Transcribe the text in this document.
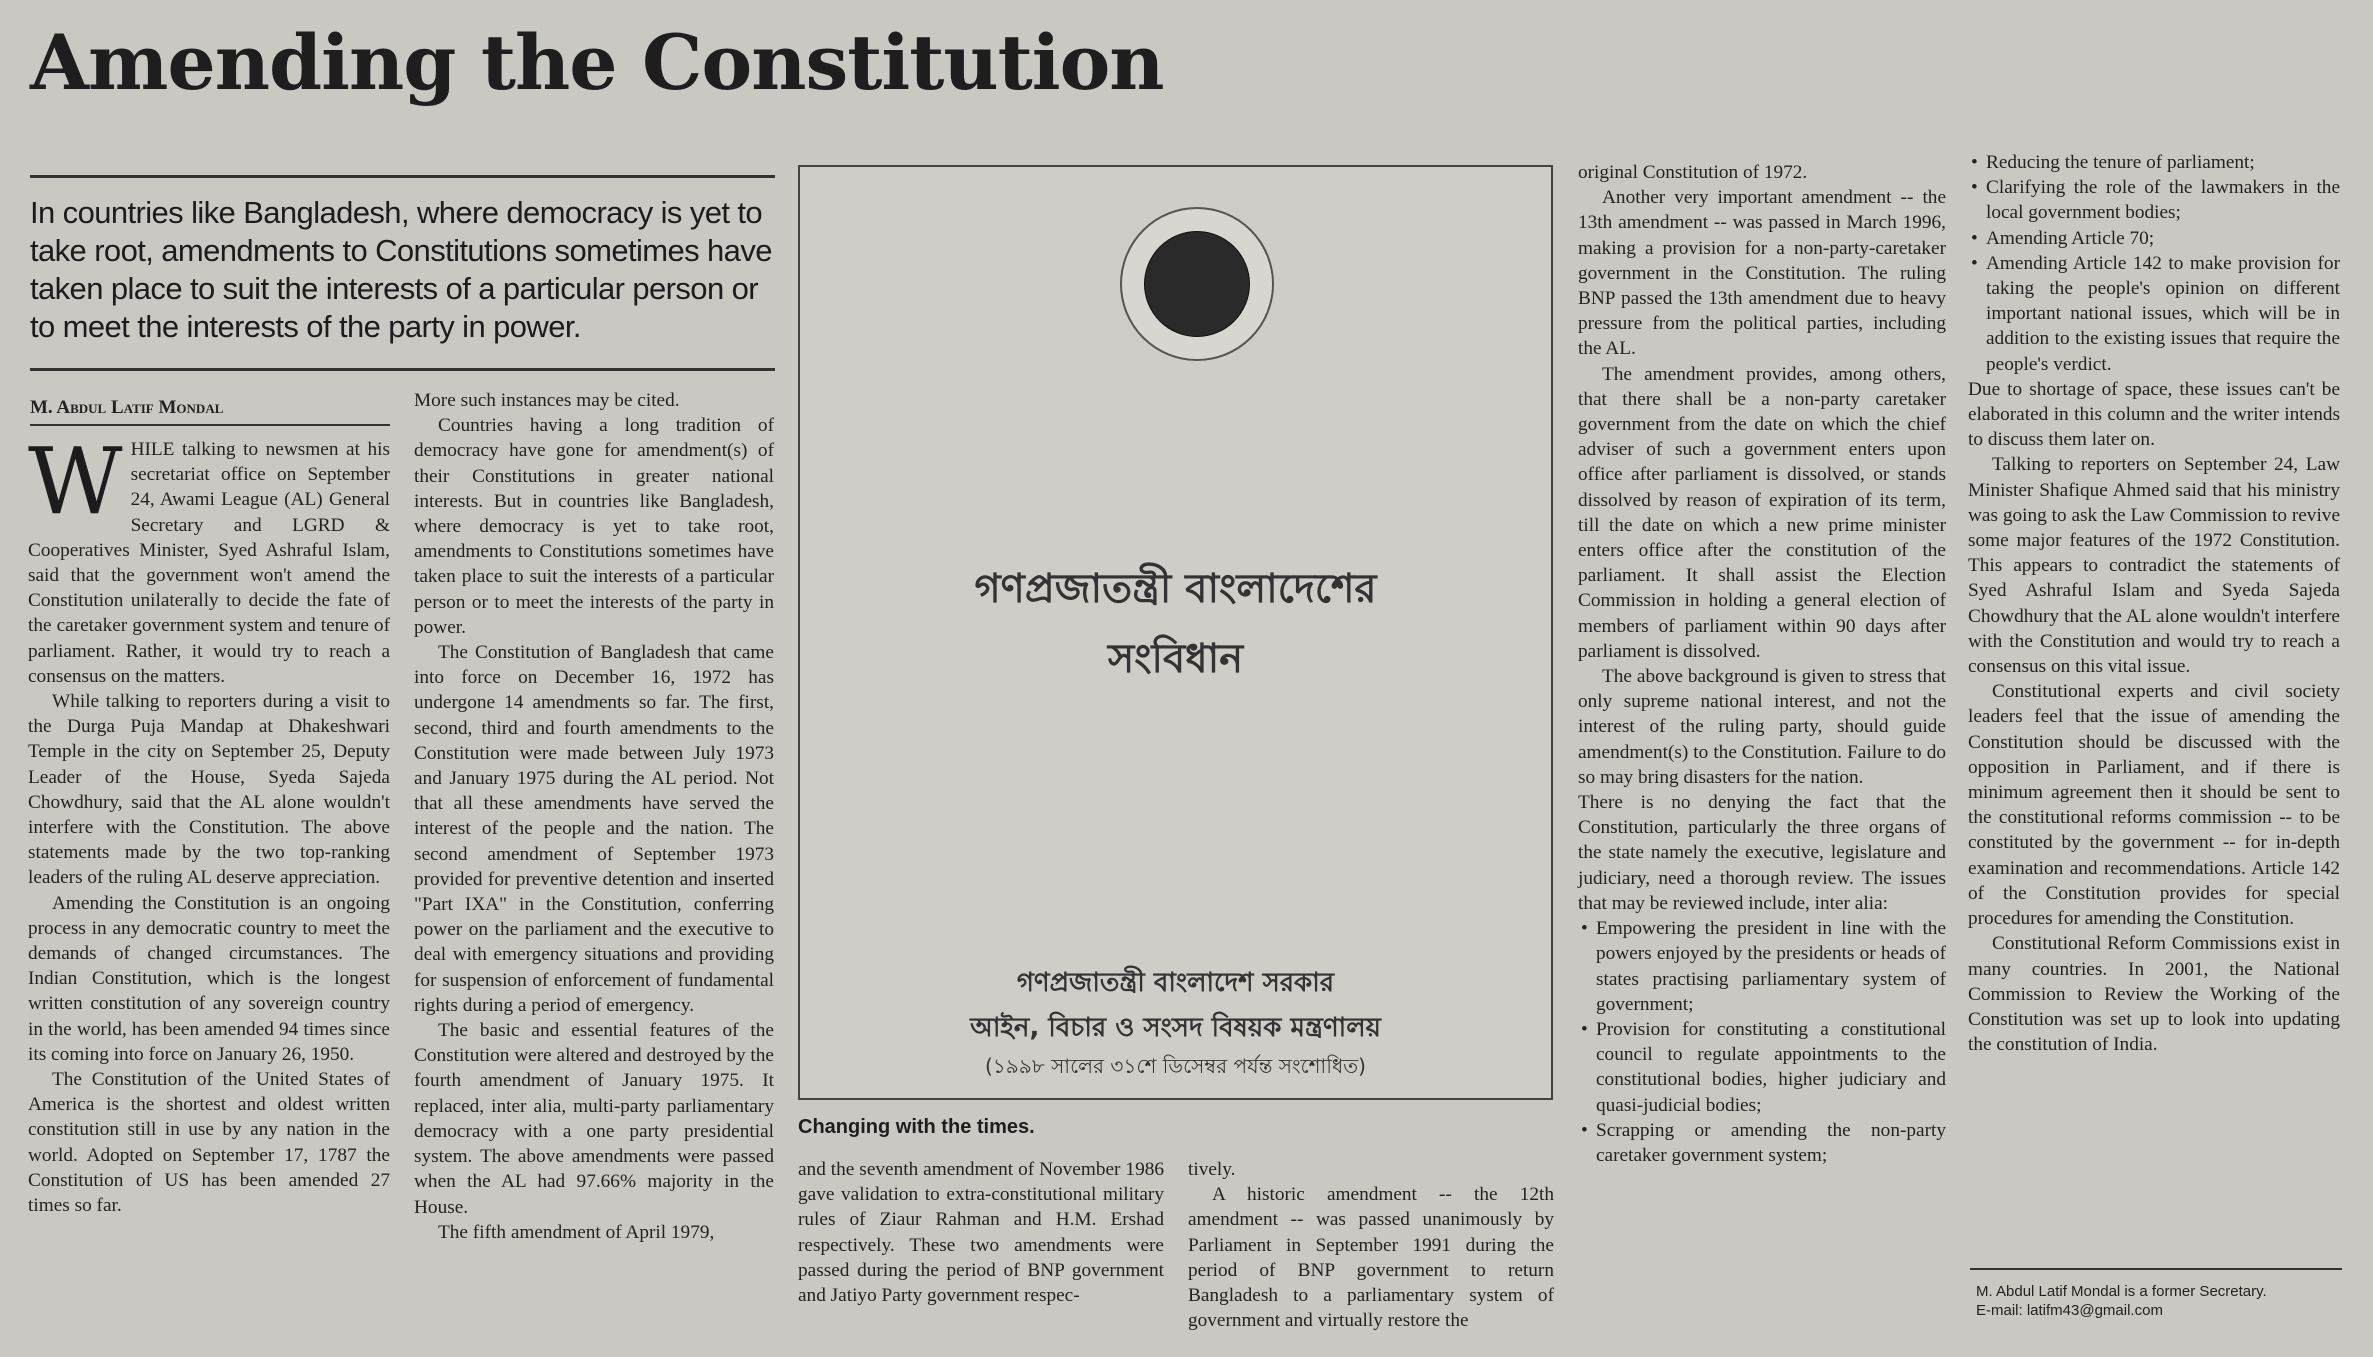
Amending the Constitution

In countries like Bangladesh, where democracy is yet to take root, amendments to Constitutions sometimes have taken place to suit the interests of a particular person or to meet the interests of the party in power.

M. Abdul Latif Mondal

WHILE talking to newsmen at his secretariat office on September 24, Awami League (AL) General Secretary and LGRD & Cooperatives Minister, Syed Ashraful Islam, said that the government won't amend the Constitution unilaterally to decide the fate of the caretaker government system and tenure of parliament. Rather, it would try to reach a consensus on the matters.

While talking to reporters during a visit to the Durga Puja Mandap at Dhakeshwari Temple in the city on September 25, Deputy Leader of the House, Syeda Sajeda Chowdhury, said that the AL alone wouldn't interfere with the Constitution. The above statements made by the two top-ranking leaders of the ruling AL deserve appreciation.

Amending the Constitution is an ongoing process in any democratic country to meet the demands of changed circumstances. The Indian Constitution, which is the longest written constitution of any sovereign country in the world, has been amended 94 times since its coming into force on January 26, 1950.

The Constitution of the United States of America is the shortest and oldest written constitution still in use by any nation in the world. Adopted on September 17, 1787 the Constitution of US has been amended 27 times so far.

More such instances may be cited.

Countries having a long tradition of democracy have gone for amendment(s) of their Constitutions in greater national interests. But in countries like Bangladesh, where democracy is yet to take root, amendments to Constitutions sometimes have taken place to suit the interests of a particular person or to meet the interests of the party in power.

The Constitution of Bangladesh that came into force on December 16, 1972 has undergone 14 amendments so far. The first, second, third and fourth amendments to the Constitution were made between July 1973 and January 1975 during the AL period. Not that all these amendments have served the interest of the people and the nation. The second amendment of September 1973 provided for preventive detention and inserted "Part IXA" in the Constitution, conferring power on the parliament and the executive to deal with emergency situations and providing for suspension of enforcement of fundamental rights during a period of emergency.

The basic and essential features of the Constitution were altered and destroyed by the fourth amendment of January 1975. It replaced, inter alia, multi-party parliamentary democracy with a one party presidential system. The above amendments were passed when the AL had 97.66% majority in the House.

The fifth amendment of April 1979,

গণপ্রজাতন্ত্রী বাংলাদেশের
সংবিধান
গণপ্রজাতন্ত্রী বাংলাদেশ সরকার
আইন, বিচার ও সংসদ বিষয়ক মন্ত্রণালয়
(১৯৯৮ সালের ৩১শে ডিসেম্বর পর্যন্ত সংশোধিত)

Changing with the times.

and the seventh amendment of November 1986 gave validation to extra-constitutional military rules of Ziaur Rahman and H.M. Ershad respectively. These two amendments were passed during the period of BNP government and Jatiyo Party government respec-

tively.

A historic amendment -- the 12th amendment -- was passed unanimously by Parliament in September 1991 during the period of BNP government to return Bangladesh to a parliamentary system of government and virtually restore the

original Constitution of 1972.

Another very important amendment -- the 13th amendment -- was passed in March 1996, making a provision for a non-party-caretaker government in the Constitution. The ruling BNP passed the 13th amendment due to heavy pressure from the political parties, including the AL.

The amendment provides, among others, that there shall be a non-party caretaker government from the date on which the chief adviser of such a government enters upon office after parliament is dissolved, or stands dissolved by reason of expiration of its term, till the date on which a new prime minister enters office after the constitution of the parliament. It shall assist the Election Commission in holding a general election of members of parliament within 90 days after parliament is dissolved.

The above background is given to stress that only supreme national interest, and not the interest of the ruling party, should guide amendment(s) to the Constitution. Failure to do so may bring disasters for the nation.

There is no denying the fact that the Constitution, particularly the three organs of the state namely the executive, legislature and judiciary, need a thorough review. The issues that may be reviewed include, inter alia:

• Empowering the president in line with the powers enjoyed by the presidents or heads of states practising parliamentary system of government;
• Provision for constituting a constitutional council to regulate appointments to the constitutional bodies, higher judiciary and quasi-judicial bodies;
• Scrapping or amending the non-party caretaker government system;
• Reducing the tenure of parliament;
• Clarifying the role of the lawmakers in the local government bodies;
• Amending Article 70;
• Amending Article 142 to make provision for taking the people's opinion on different important national issues, which will be in addition to the existing issues that require the people's verdict.

Due to shortage of space, these issues can't be elaborated in this column and the writer intends to discuss them later on.

Talking to reporters on September 24, Law Minister Shafique Ahmed said that his ministry was going to ask the Law Commission to revive some major features of the 1972 Constitution. This appears to contradict the statements of Syed Ashraful Islam and Syeda Sajeda Chowdhury that the AL alone wouldn't interfere with the Constitution and would try to reach a consensus on this vital issue.

Constitutional experts and civil society leaders feel that the issue of amending the Constitution should be discussed with the opposition in Parliament, and if there is minimum agreement then it should be sent to the constitutional reforms commission -- to be constituted by the government -- for in-depth examination and recommendations. Article 142 of the Constitution provides for special procedures for amending the Constitution.

Constitutional Reform Commissions exist in many countries. In 2001, the National Commission to Review the Working of the Constitution was set up to look into updating the constitution of India.

M. Abdul Latif Mondal is a former Secretary.
E-mail: latifm43@gmail.com
